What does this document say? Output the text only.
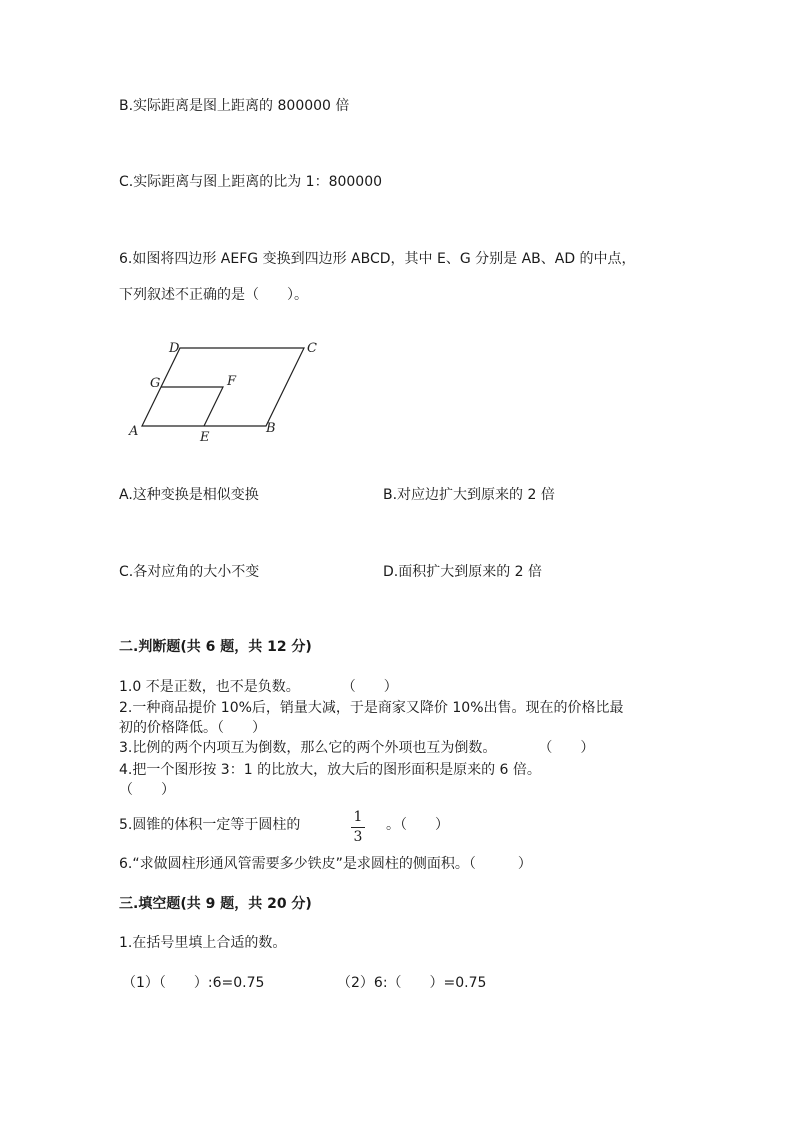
B.实际距离是图上距离的 800000 倍
C.实际距离与图上距离的比为 1：800000
6.如图将四边形 AEFG 变换到四边形 ABCD，其中 E、G 分别是 AB、AD 的中点，
下列叙述不正确的是（　　）。
A	B
C
D
E
F
G
A.这种变换是相似变换	B.对应边扩大到原来的 2 倍
C.各对应角的大小不变	D.面积扩大到原来的 2 倍
二.判断题(共 6 题，共 12 分)
1.0 不是正数，也不是负数。　　　　（　　）
2.一种商品提价 10%后，销量大减，于是商家又降价 10%出售。现在的价格比最
初的价格降低。（　　）
3.比例的两个内项互为倒数，那么它的两个外项也互为倒数。　　　　（　　）
4.把一个图形按 3：1 的比放大，放大后的图形面积是原来的 6 倍。
（　　）
5.圆锥的体积一定等于圆柱的	1
3
。（　　）
6.“求做圆柱形通风管需要多少铁皮”是求圆柱的侧面积。（　　　）
三.填空题(共 9 题，共 20 分)
1.在括号里填上合适的数。
（1）（　　）:6=0.75	（2）6:（　　）=0.75
